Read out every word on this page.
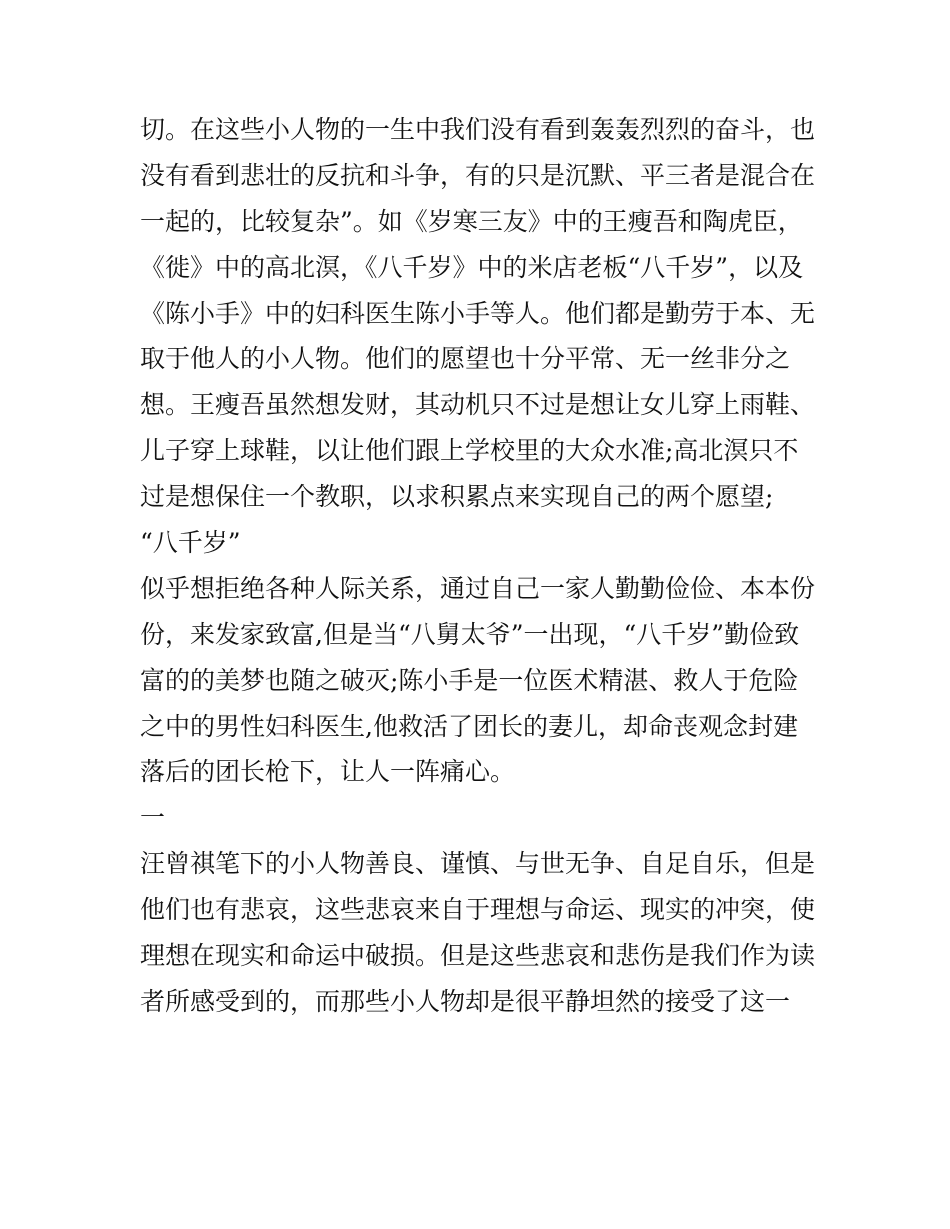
切。在这些小人物的一生中我们没有看到轰轰烈烈的奋斗，也
没有看到悲壮的反抗和斗争，有的只是沉默、平三者是混合在
一起的，比较复杂”。如《岁寒三友》中的王瘦吾和陶虎臣，
《徙》中的高北溟，《八千岁》中的米店老板“八千岁”，以及
《陈小手》中的妇科医生陈小手等人。他们都是勤劳于本、无
取于他人的小人物。他们的愿望也十分平常、无一丝非分之
想。王瘦吾虽然想发财，其动机只不过是想让女儿穿上雨鞋、
儿子穿上球鞋，以让他们跟上学校里的大众水准;高北溟只不
过是想保住一个教职，以求积累点来实现自己的两个愿望;
“八千岁”
似乎想拒绝各种人际关系，通过自己一家人勤勤俭俭、本本份
份，来发家致富,但是当“八舅太爷”一出现，“八千岁”勤俭致
富的的美梦也随之破灭;陈小手是一位医术精湛、救人于危险
之中的男性妇科医生,他救活了团长的妻儿，却命丧观念封建
落后的团长枪下，让人一阵痛心。
一
汪曾祺笔下的小人物善良、谨慎、与世无争、自足自乐，但是
他们也有悲哀，这些悲哀来自于理想与命运、现实的冲突，使
理想在现实和命运中破损。但是这些悲哀和悲伤是我们作为读
者所感受到的，而那些小人物却是很平静坦然的接受了这一
